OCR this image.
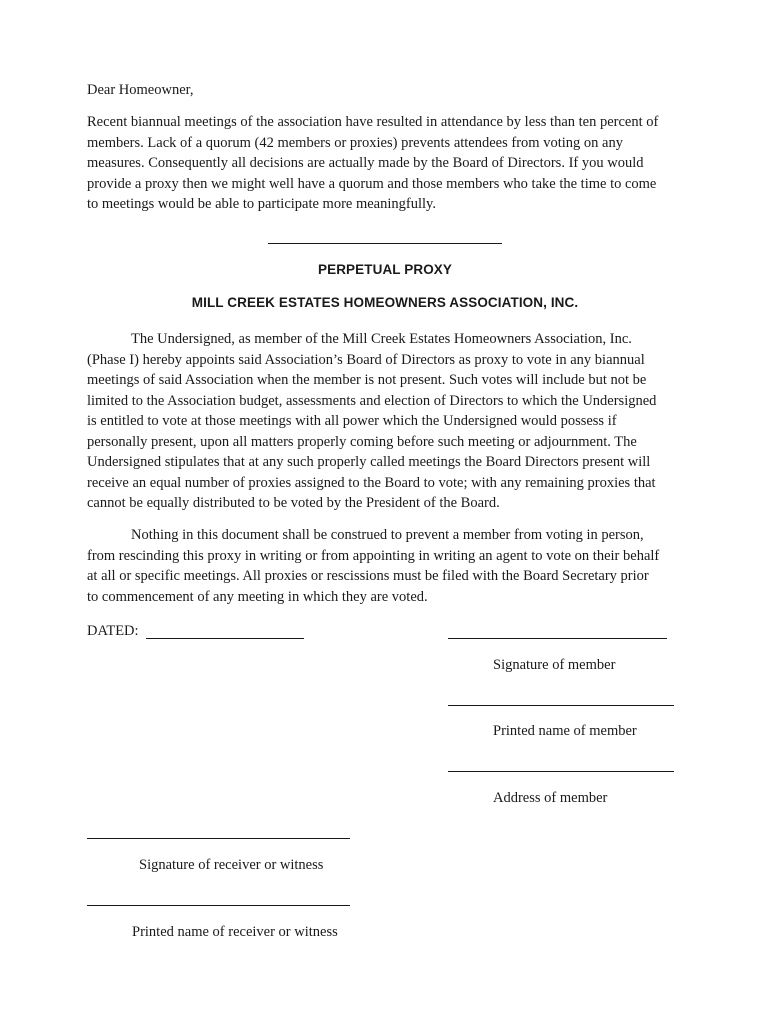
Dear Homeowner,

Recent biannual meetings of the association have resulted in attendance by less than ten percent of

members. Lack of a quorum (42 members or proxies) prevents attendees from voting on any

measures. Consequently all decisions are actually made by the Board of Directors. If you would

provide a proxy then we might well have a quorum and those members who take the time to come

to meetings would be able to participate more meaningfully.

PERPETUAL PROXY

MILL CREEK ESTATES HOMEOWNERS ASSOCIATION, INC.

The Undersigned, as member of the Mill Creek Estates Homeowners Association, Inc.

(Phase I) hereby appoints said Association’s Board of Directors as proxy to vote in any biannual

meetings of said Association when the member is not present. Such votes will include but not be

limited to the Association budget, assessments and election of Directors to which the Undersigned

is entitled to vote at those meetings with all power which the Undersigned would possess if

personally present, upon all matters properly coming before such meeting or adjournment. The

Undersigned stipulates that at any such properly called meetings the Board Directors present will

receive an equal number of proxies assigned to the Board to vote; with any remaining proxies that

cannot be equally distributed to be voted by the President of the Board.

Nothing in this document shall be construed to prevent a member from voting in person,

from rescinding this proxy in writing or from appointing in writing an agent to vote on their behalf

at all or specific meetings. All proxies or rescissions must be filed with the Board Secretary prior

to commencement of any meeting in which they are voted.

DATED:

Signature of member

Printed name of member

Address of member

Signature of receiver or witness

Printed name of receiver or witness
